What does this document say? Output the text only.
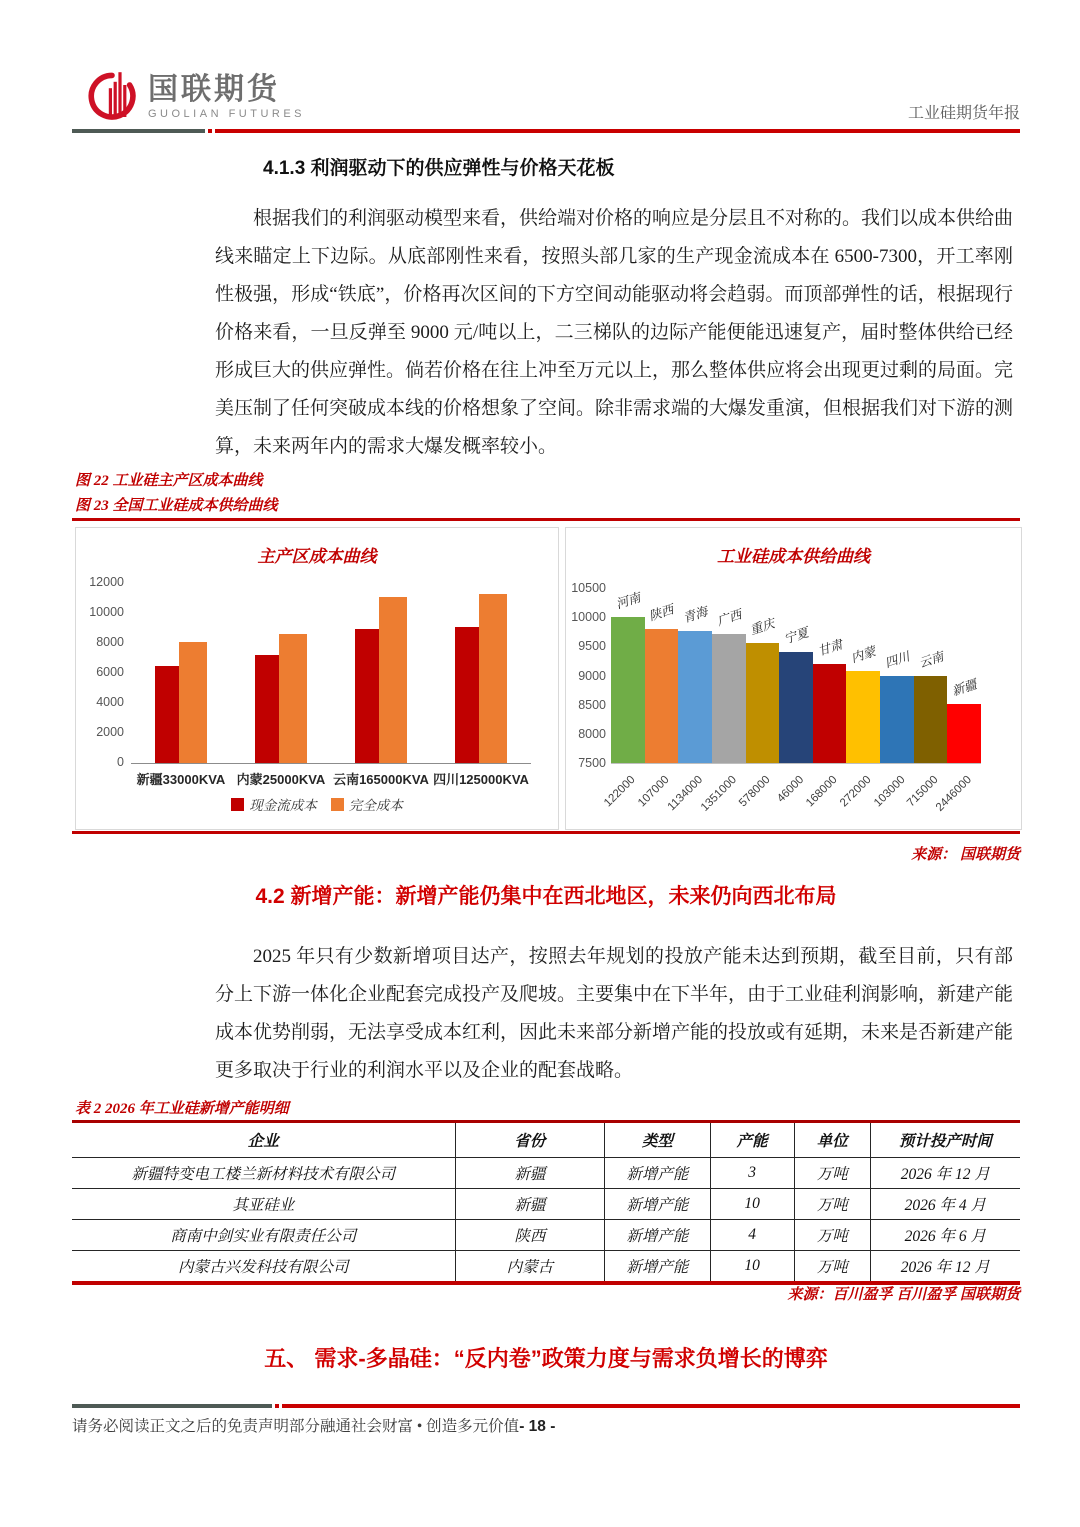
国联期货
GUOLIAN FUTURES	工业硅期货年报
4.1.3 利润驱动下的供应弹性与价格天花板
根据我们的利润驱动模型来看，供给端对价格的响应是分层且不对称的。我们以成本供给曲线来瞄定上下边际。从底部刚性来看，按照头部几家的生产现金流成本在 6500-7300，开工率刚性极强，形成“铁底”，价格再次区间的下方空间动能驱动将会趋弱。而顶部弹性的话，根据现行价格来看，一旦反弹至 9000 元/吨以上，二三梯队的边际产能便能迅速复产，届时整体供给已经形成巨大的供应弹性。倘若价格在往上冲至万元以上，那么整体供应将会出现更过剩的局面。完美压制了任何突破成本线的价格想象了空间。除非需求端的大爆发重演，但根据我们对下游的测算，未来两年内的需求大爆发概率较小。
图 22 工业硅主产区成本曲线
图 23 全国工业硅成本供给曲线
主产区成本曲线
0
2000
4000
6000
8000
10000
12000
新疆33000KVA 内蒙25000KVA 云南165000KVA 四川125000KVA
现金流成本 完全成本
工业硅成本供给曲线
7500
8000
8500
9000
9500
10000
10500
河南
122000
陕西
107000
青海
1134000
广西
1351000
重庆
578000
宁夏
46000
甘肃
168000
内蒙
272000
四川
103000
云南
715000
新疆
2446000
来源： 国联期货
4.2 新增产能：新增产能仍集中在西北地区，未来仍向西北布局
2025 年只有少数新增项目达产，按照去年规划的投放产能未达到预期，截至目前，只有部分上下游一体化企业配套完成投产及爬坡。主要集中在下半年，由于工业硅利润影响，新建产能成本优势削弱，无法享受成本红利，因此未来部分新增产能的投放或有延期，未来是否新建产能更多取决于行业的利润水平以及企业的配套战略。
表 2 2026 年工业硅新增产能明细
企业	省份	类型	产能	单位	预计投产时间
新疆特变电工楼兰新材料技术有限公司	新疆	新增产能	3	万吨	2026 年 12 月
其亚硅业	新疆	新增产能	10	万吨	2026 年 4 月
商南中剑实业有限责任公司	陕西	新增产能	4	万吨	2026 年 6 月
内蒙古兴发科技有限公司	内蒙古	新增产能	10	万吨	2026 年 12 月
来源：百川盈孚 百川盈孚 国联期货
五、 需求-多晶硅：“反内卷”政策力度与需求负增长的博弈
请务必阅读正文之后的免责声明部分融通社会财富 • 创造多元价值- 18 -
